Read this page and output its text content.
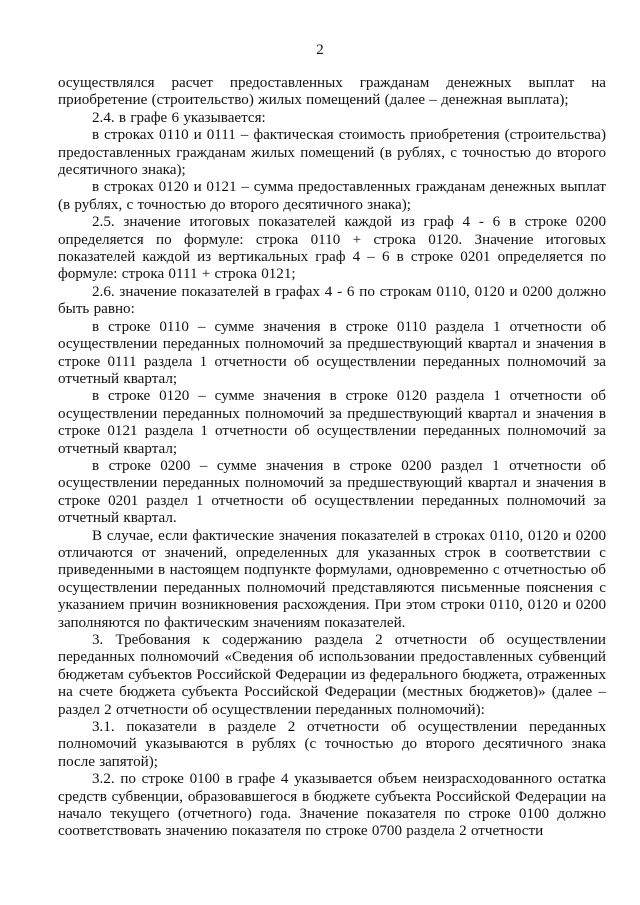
2

осуществлялся расчет предоставленных гражданам денежных выплат на приобретение (строительство) жилых помещений (далее – денежная выплата);

2.4. в графе 6 указывается:

в строках 0110 и 0111 – фактическая стоимость приобретения (строительства) предоставленных гражданам жилых помещений (в рублях, с точностью до второго десятичного знака);

в строках 0120 и 0121 – сумма предоставленных гражданам денежных выплат (в рублях, с точностью до второго десятичного знака);

2.5. значение итоговых показателей каждой из граф 4 - 6 в строке 0200 определяется по формуле: строка 0110 + строка 0120. Значение итоговых показателей каждой из вертикальных граф 4 – 6 в строке 0201 определяется по формуле: строка 0111 + строка 0121;

2.6. значение показателей в графах 4 - 6 по строкам 0110, 0120 и 0200 должно быть равно:

в строке 0110 – сумме значения в строке 0110 раздела 1 отчетности об осуществлении переданных полномочий за предшествующий квартал и значения в строке 0111 раздела 1 отчетности об осуществлении переданных полномочий за отчетный квартал;

в строке 0120 – сумме значения в строке 0120 раздела 1 отчетности об осуществлении переданных полномочий за предшествующий квартал и значения в строке 0121 раздела 1 отчетности об осуществлении переданных полномочий за отчетный квартал;

в строке 0200 – сумме значения в строке 0200 раздел 1 отчетности об осуществлении переданных полномочий за предшествующий квартал и значения в строке 0201 раздел 1 отчетности об осуществлении переданных полномочий за отчетный квартал.

В случае, если фактические значения показателей в строках 0110, 0120 и 0200 отличаются от значений, определенных для указанных строк в соответствии с приведенными в настоящем подпункте формулами, одновременно с отчетностью об осуществлении переданных полномочий представляются письменные пояснения с указанием причин возникновения расхождения. При этом строки 0110, 0120 и 0200 заполняются по фактическим значениям показателей.

3. Требования к содержанию раздела 2 отчетности об осуществлении переданных полномочий «Сведения об использовании предоставленных субвенций бюджетам субъектов Российской Федерации из федерального бюджета, отраженных на счете бюджета субъекта Российской Федерации (местных бюджетов)» (далее – раздел 2 отчетности об осуществлении переданных полномочий):

3.1. показатели в разделе 2 отчетности об осуществлении переданных полномочий указываются в рублях (с точностью до второго десятичного знака после запятой);

3.2. по строке 0100 в графе 4 указывается объем неизрасходованного остатка средств субвенции, образовавшегося в бюджете субъекта Российской Федерации на начало текущего (отчетного) года. Значение показателя по строке 0100 должно соответствовать значению показателя по строке 0700 раздела 2 отчетности
